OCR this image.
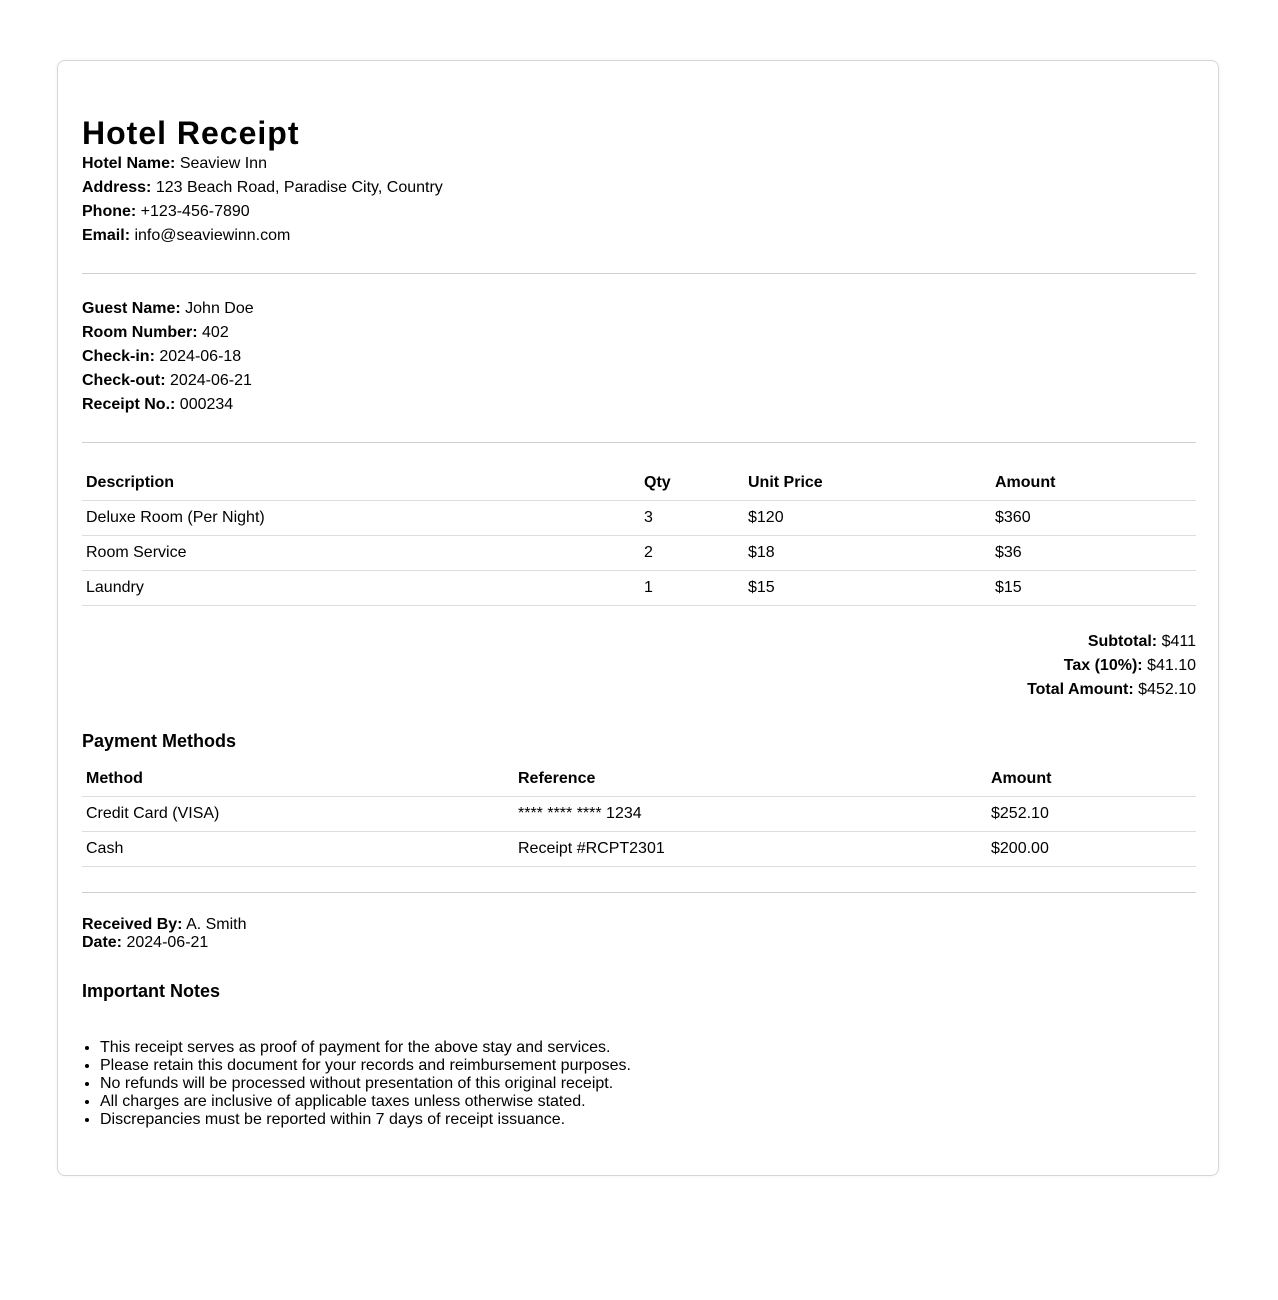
Hotel Receipt
Hotel Name: Seaview Inn
Address: 123 Beach Road, Paradise City, Country
Phone: +123-456-7890
Email: info@seaviewinn.com
Guest Name: John Doe
Room Number: 402
Check-in: 2024-06-18
Check-out: 2024-06-21
Receipt No.: 000234
Description	Qty	Unit Price	Amount
Deluxe Room (Per Night)	3	$120	$360
Room Service	2	$18	$36
Laundry	1	$15	$15
Subtotal: $411
Tax (10%): $41.10
Total Amount: $452.10
Payment Methods
Method	Reference	Amount
Credit Card (VISA)	**** **** **** 1234	$252.10
Cash	Receipt #RCPT2301	$200.00
Received By: A. Smith
Date: 2024-06-21
Important Notes
• This receipt serves as proof of payment for the above stay and services.
• Please retain this document for your records and reimbursement purposes.
• No refunds will be processed without presentation of this original receipt.
• All charges are inclusive of applicable taxes unless otherwise stated.
• Discrepancies must be reported within 7 days of receipt issuance.
